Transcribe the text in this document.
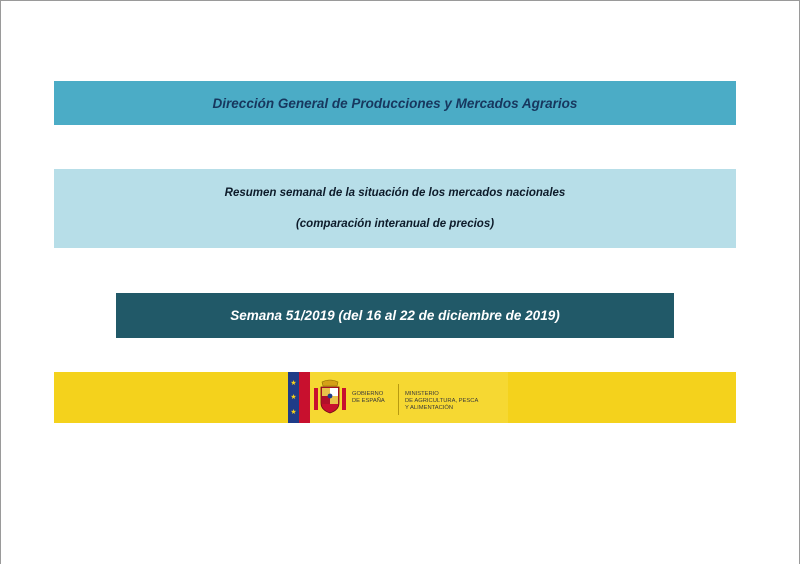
Dirección General de Producciones y Mercados Agrarios
Resumen semanal de la situación de los mercados nacionales
(comparación interanual de precios)
Semana 51/2019 (del 16 al 22 de diciembre de 2019)
★
★
★
GOBIERNO
DE ESPAÑA
MINISTERIO
DE AGRICULTURA, PESCA
Y ALIMENTACIÓN
